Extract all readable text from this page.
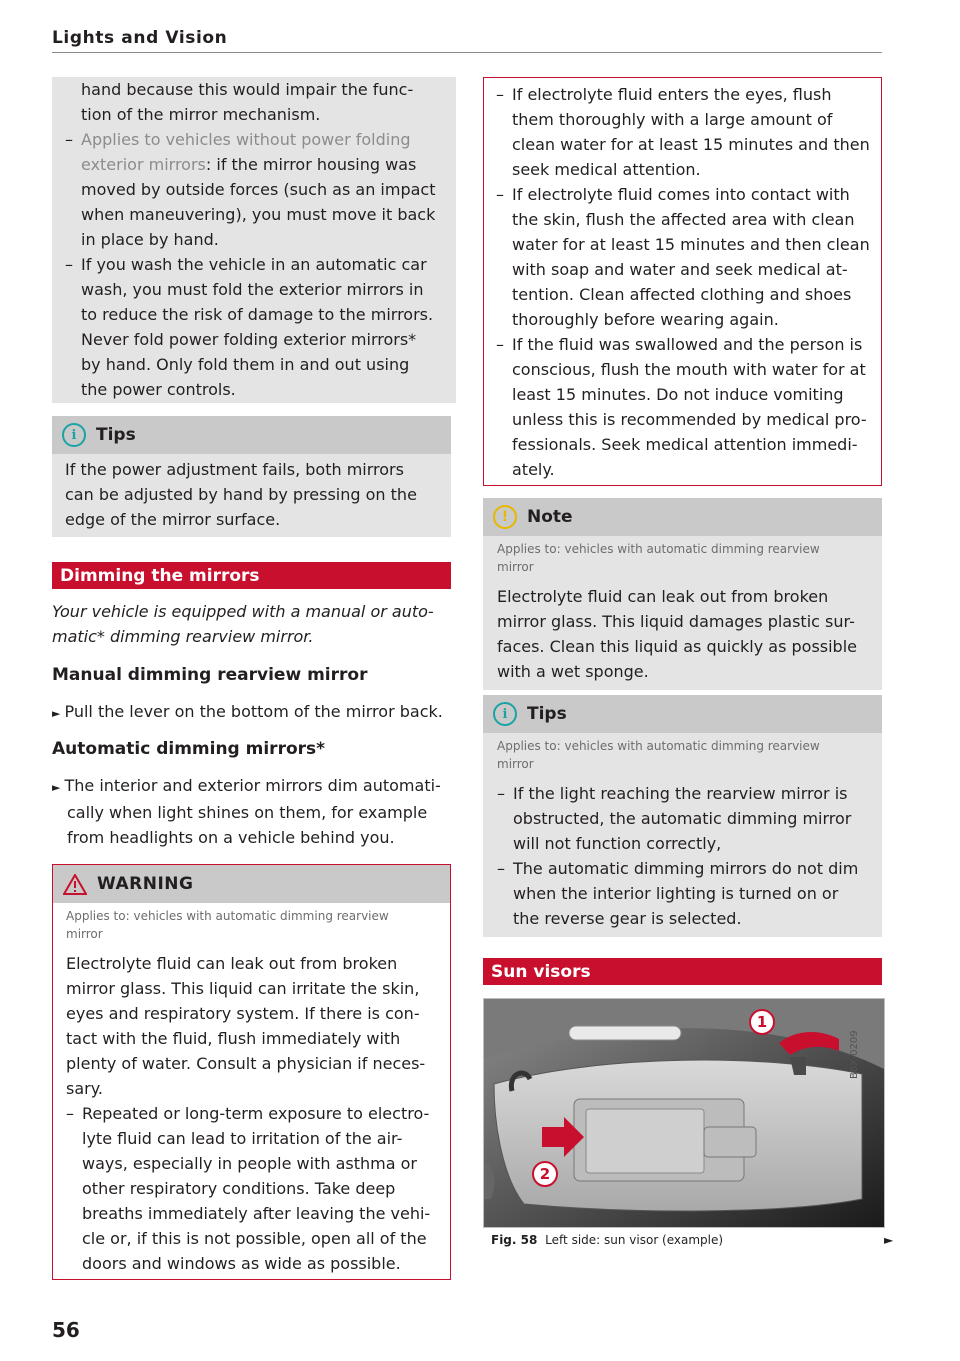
Lights and Vision
hand because this would impair the func-
tion of the mirror mechanism.
– Applies to vehicles without power folding
exterior mirrors: if the mirror housing was
moved by outside forces (such as an impact
when maneuvering), you must move it back
in place by hand.
– If you wash the vehicle in an automatic car
wash, you must fold the exterior mirrors in
to reduce the risk of damage to the mirrors.
Never fold power folding exterior mirrors*
by hand. Only fold them in and out using
the power controls.
i	Tips
If the power adjustment fails, both mirrors
can be adjusted by hand by pressing on the
edge of the mirror surface.
Dimming the mirrors
Your vehicle is equipped with a manual or auto-
matic* dimming rearview mirror.
Manual dimming rearview mirror
► Pull the lever on the bottom of the mirror back.
Automatic dimming mirrors*
► The interior and exterior mirrors dim automati-
cally when light shines on them, for example
from headlights on a vehicle behind you.
WARNING
Applies to: vehicles with automatic dimming rearview
mirror
Electrolyte fluid can leak out from broken
mirror glass. This liquid can irritate the skin,
eyes and respiratory system. If there is con-
tact with the fluid, flush immediately with
plenty of water. Consult a physician if neces-
sary.
– Repeated or long-term exposure to electro-
lyte fluid can lead to irritation of the air-
ways, especially in people with asthma or
other respiratory conditions. Take deep
breaths immediately after leaving the vehi-
cle or, if this is not possible, open all of the
doors and windows as wide as possible.
56
– If electrolyte fluid enters the eyes, flush
them thoroughly with a large amount of
clean water for at least 15 minutes and then
seek medical attention.
– If electrolyte fluid comes into contact with
the skin, flush the affected area with clean
water for at least 15 minutes and then clean
with soap and water and seek medical at-
tention. Clean affected clothing and shoes
thoroughly before wearing again.
– If the fluid was swallowed and the person is
conscious, flush the mouth with water for at
least 15 minutes. Do not induce vomiting
unless this is recommended by medical pro-
fessionals. Seek medical attention immedi-
ately.
!	Note
Applies to: vehicles with automatic dimming rearview
mirror
Electrolyte fluid can leak out from broken
mirror glass. This liquid damages plastic sur-
faces. Clean this liquid as quickly as possible
with a wet sponge.
i	Tips
Applies to: vehicles with automatic dimming rearview
mirror
– If the light reaching the rearview mirror is
obstructed, the automatic dimming mirror
will not function correctly,
– The automatic dimming mirrors do not dim
when the interior lighting is turned on or
the reverse gear is selected.
Sun visors
1
2
B8X-0209
Fig. 58 Left side: sun visor (example)	►
